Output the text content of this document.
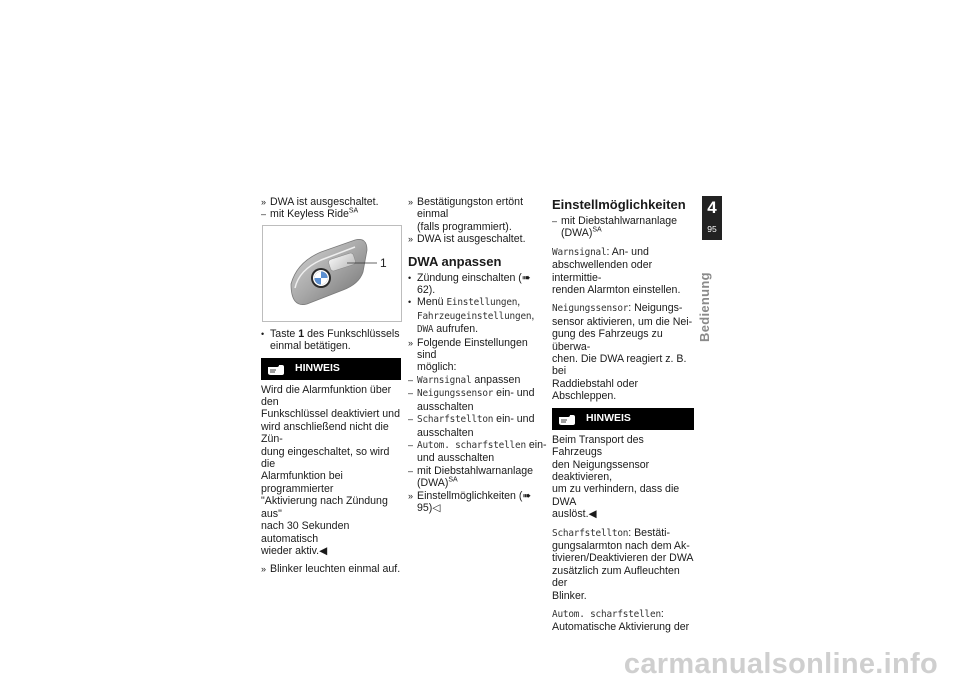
» DWA ist ausgeschaltet.
– mit Keyless Ride$^{SA}$
1
• Taste 1 des Funkschlüssels
einmal betätigen.
HINWEIS
Wird die Alarmfunktion über den
Funkschlüssel deaktiviert und
wird anschließend nicht die Zün-
dung eingeschaltet, so wird die
Alarmfunktion bei programmierter
"Aktivierung nach Zündung aus"
nach 30 Sekunden automatisch
wieder aktiv.◀
» Blinker leuchten einmal auf.
» Bestätigungston ertönt einmal
(falls programmiert).
» DWA ist ausgeschaltet.
DWA anpassen
• Zündung einschalten (➠ 62).
• Menü Einstellungen,
Fahrzeugeinstellungen,
DWA aufrufen.
» Folgende Einstellungen sind
möglich:
– Warnsignal anpassen
– Neigungssensor ein- und
ausschalten
– Scharfstellton ein- und
ausschalten
– Autom. scharfstellen ein-
und ausschalten
– mit Diebstahlwarnanlage
(DWA)$^{SA}$
» Einstellmöglichkeiten (➠ 95)◁
Einstellmöglichkeiten
– mit Diebstahlwarnanlage
(DWA)$^{SA}$
Warnsignal: An- und
abschwellenden oder intermittie-
renden Alarmton einstellen.
Neigungssensor: Neigungs-
sensor aktivieren, um die Nei-
gung des Fahrzeugs zu überwa-
chen. Die DWA reagiert z. B. bei
Raddiebstahl oder Abschleppen.
HINWEIS
Beim Transport des Fahrzeugs
den Neigungssensor deaktivieren,
um zu verhindern, dass die DWA
auslöst.◀
Scharfstellton: Bestäti-
gungsalarmton nach dem Ak-
tivieren/Deaktivieren der DWA
zusätzlich zum Aufleuchten der
Blinker.
Autom. scharfstellen:
Automatische Aktivierung der
4
95
Bedienung
carmanualsonline.info
